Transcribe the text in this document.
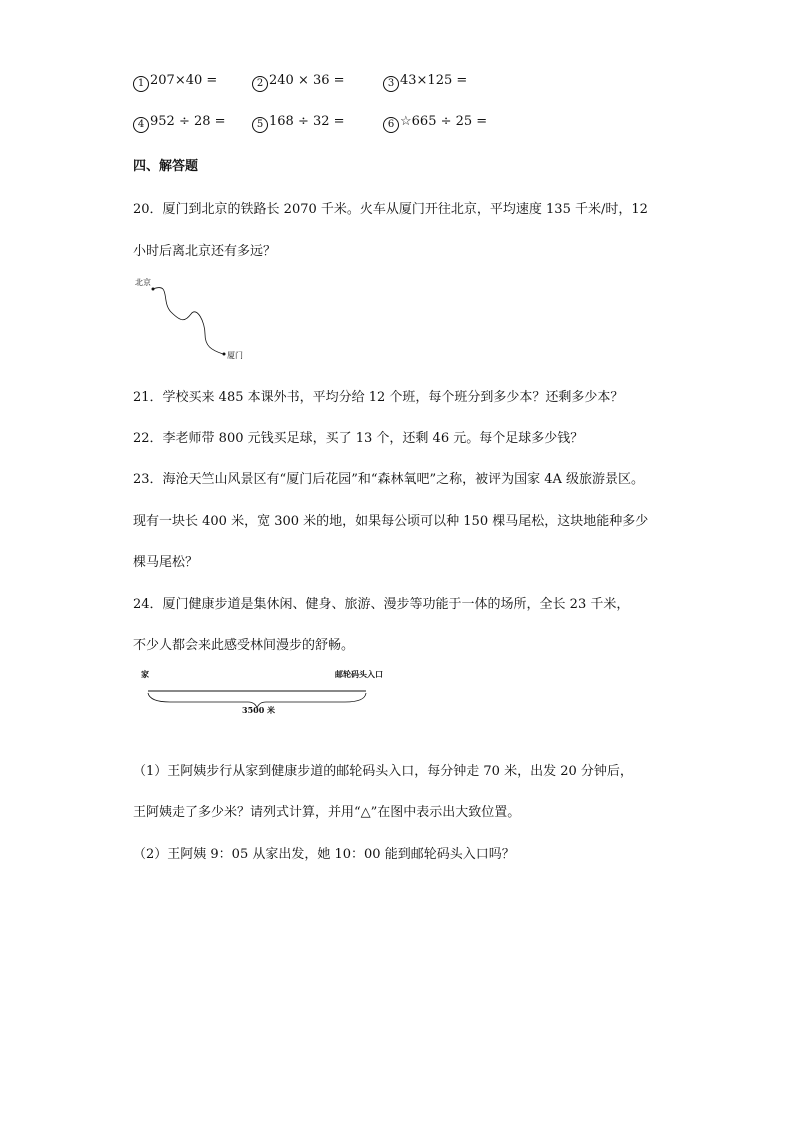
1 207×40 =	2 240 × 36 =	3 43×125 =
4 952 ÷ 28 =	5 168 ÷ 32 =	6 ☆665 ÷ 25 =
四、解答题
20．厦门到北京的铁路长 2070 千米。火车从厦门开往北京，平均速度 135 千米/时，12
小时后离北京还有多远？
北京
厦门
21．学校买来 485 本课外书，平均分给 12 个班，每个班分到多少本？还剩多少本？
22．李老师带 800 元钱买足球，买了 13 个，还剩 46 元。每个足球多少钱？
23．海沧天竺山风景区有“厦门后花园”和“森林氧吧”之称，被评为国家 4A 级旅游景区。
现有一块长 400 米，宽 300 米的地，如果每公顷可以种 150 棵马尾松，这块地能种多少
棵马尾松？
24．厦门健康步道是集休闲、健身、旅游、漫步等功能于一体的场所，全长 23 千米，
不少人都会来此感受林间漫步的舒畅。
家	邮轮码头入口
3500 米
（1）王阿姨步行从家到健康步道的邮轮码头入口，每分钟走 70 米，出发 20 分钟后，
王阿姨走了多少米？请列式计算，并用“△”在图中表示出大致位置。
（2）王阿姨 9：05 从家出发，她 10：00 能到邮轮码头入口吗？
